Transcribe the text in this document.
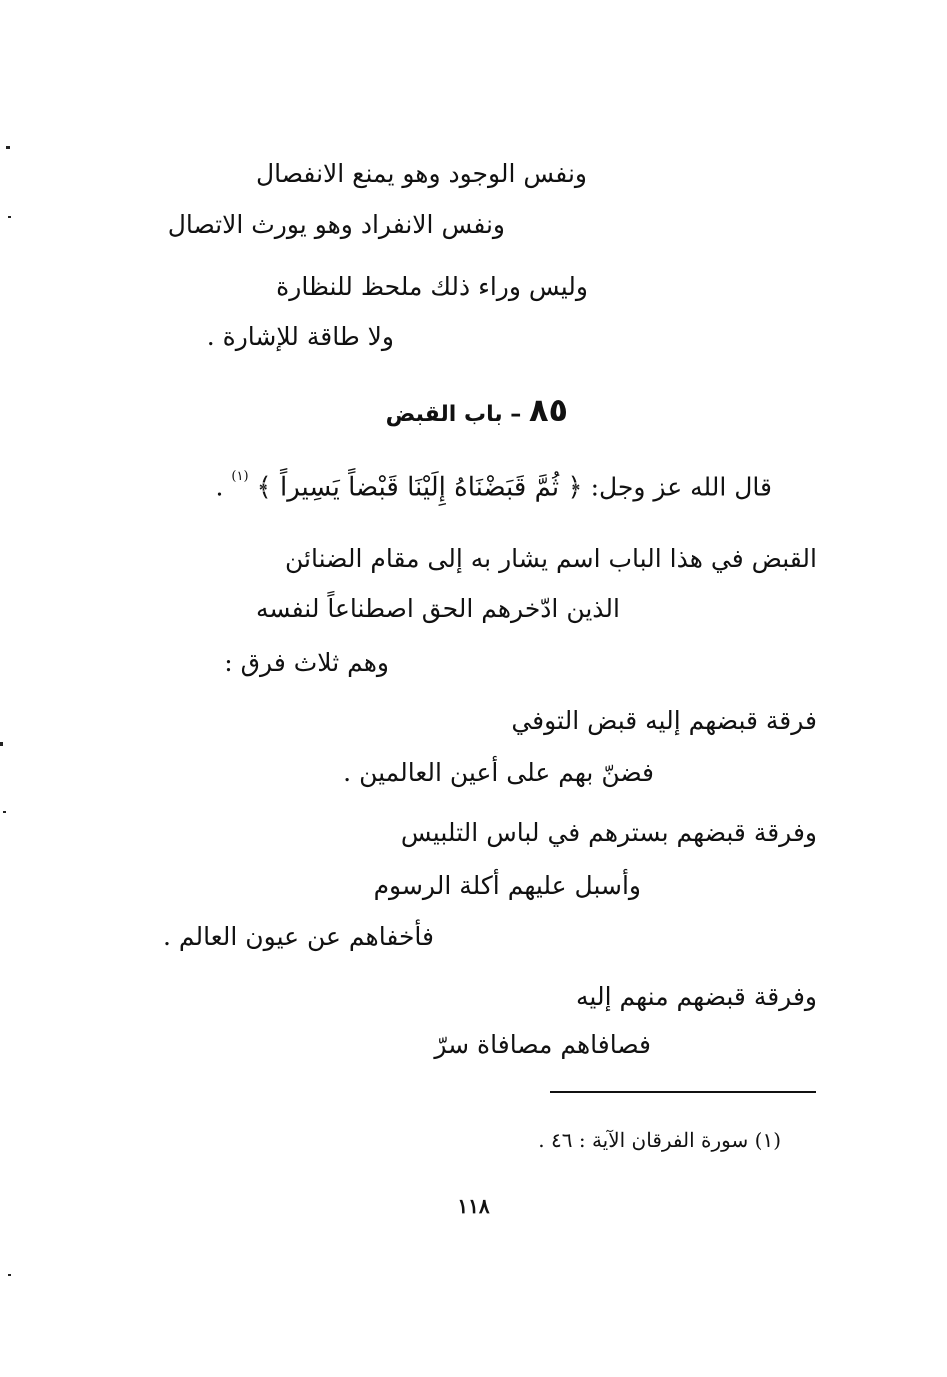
ونفس الوجود وهو يمنع الانفصال
ونفس الانفراد وهو يورث الاتصال
وليس وراء ذلك ملحظ للنظارة
ولا طاقة للإشارة .
٨٥ – باب القبض
قال الله عز وجل: ﴿ ثُمَّ قَبَضْنَاهُ إِلَيْنَا قَبْضاً يَسِيراً ﴾ $^{(١)}$ .
القبض في هذا الباب اسم يشار به إلى مقام الضنائن
الذين ادّخرهم الحق اصطناعاً لنفسه
وهم ثلاث فرق :
فرقة قبضهم إليه قبض التوفي
فضنّ بهم على أعين العالمين .
وفرقة قبضهم بسترهم في لباس التلبيس
وأسبل عليهم أكلة الرسوم
فأخفاهم عن عيون العالم .
وفرقة قبضهم منهم إليه
فصافاهم مصافاة سرّ
(١) سورة الفرقان الآية : ٤٦ .
١١٨
